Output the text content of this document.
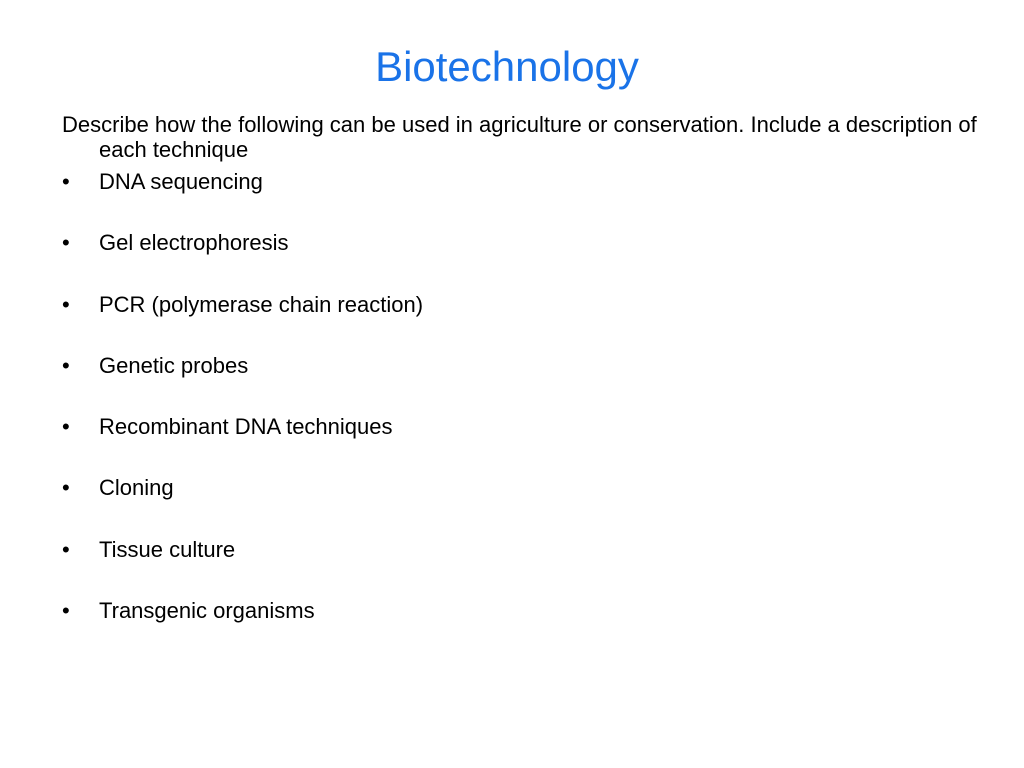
Biotechnology

Describe how the following can be used in agriculture or conservation. Include a description of each technique

•	DNA sequencing
•	Gel electrophoresis
•	PCR (polymerase chain reaction)
•	Genetic probes
•	Recombinant DNA techniques
•	Cloning
•	Tissue culture
•	Transgenic organisms
